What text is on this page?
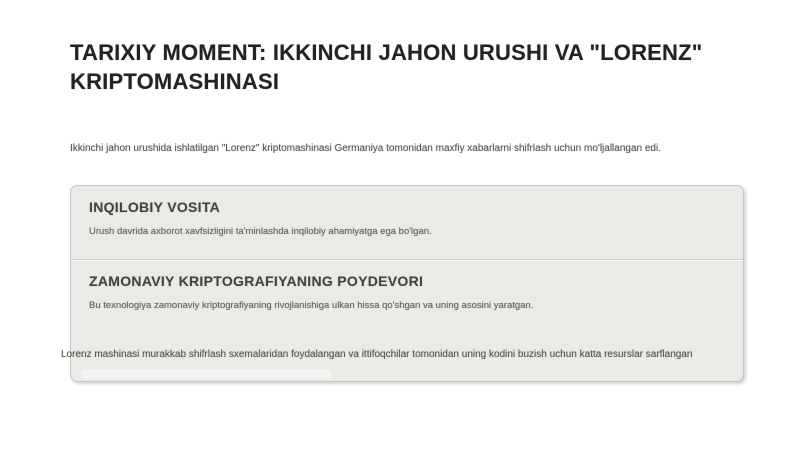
TARIXIY MOMENT: IKKINCHI JAHON URUSHI VA "LORENZ" KRIPTOMASHINASI

Ikkinchi jahon urushida ishlatilgan "Lorenz" kriptomashinasi Germaniya tomonidan maxfiy xabarlarni shifrlash uchun mo'ljallangan edi.

INQILOBIY VOSITA

Urush davrida axborot xavfsizligini ta'minlashda inqilobiy ahamiyatga ega bo'lgan.

ZAMONAVIY KRIPTOGRAFIYANING POYDEVORI

Bu texnologiya zamonaviy kriptografiyaning rivojlanishiga ulkan hissa qo'shgan va uning asosini yaratgan.

Lorenz mashinasi murakkab shifrlash sxemalaridan foydalangan va ittifoqchilar tomonidan uning kodini buzish uchun katta resurslar sarflangan
